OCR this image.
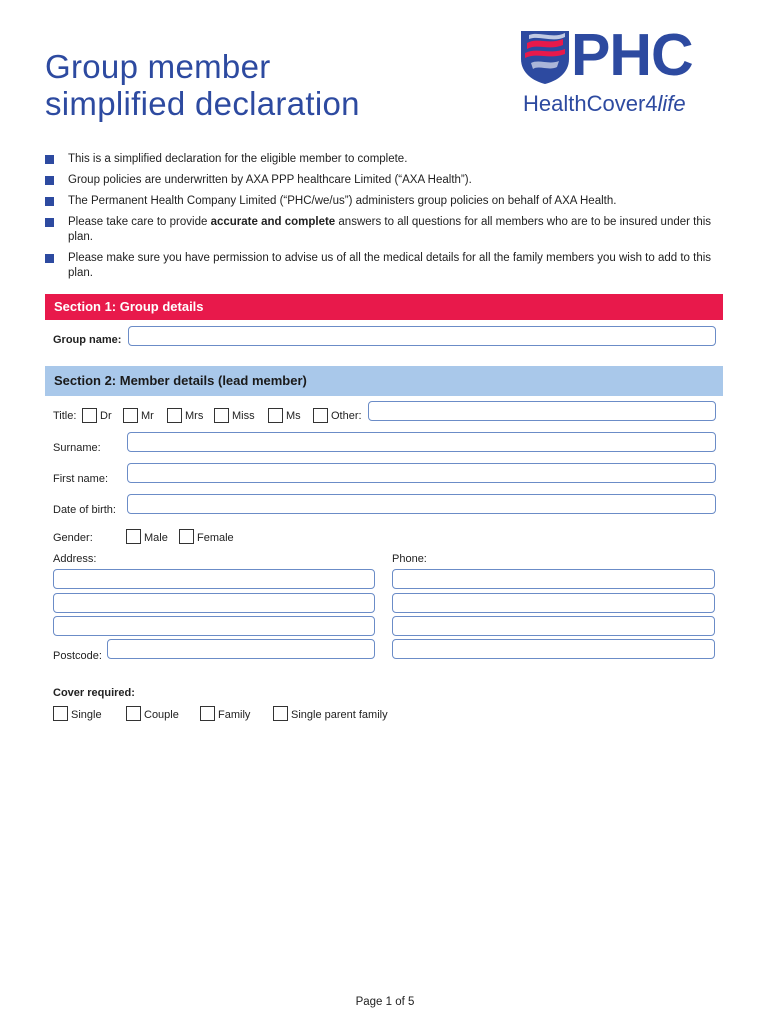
Group member
simplified declaration
PHC
HealthCover4life
This is a simplified declaration for the eligible member to complete.
Group policies are underwritten by AXA PPP healthcare Limited (“AXA Health”).
The Permanent Health Company Limited (“PHC/we/us”) administers group policies on behalf of AXA Health.
Please take care to provide accurate and complete answers to all questions for all members who are to be insured under this plan.
Please make sure you have permission to advise us of all the medical details for all the family members you wish to add to this plan.
Section 1: Group details
Group name:
Section 2: Member details (lead member)
Title: Dr	Mr	Mrs	Miss	Ms	Other:
Surname:
First name:
Date of birth:
Gender:	Male	Female
Address:	Phone:
Postcode:
Cover required:
Single	Couple	Family	Single parent family
Page 1 of 5
